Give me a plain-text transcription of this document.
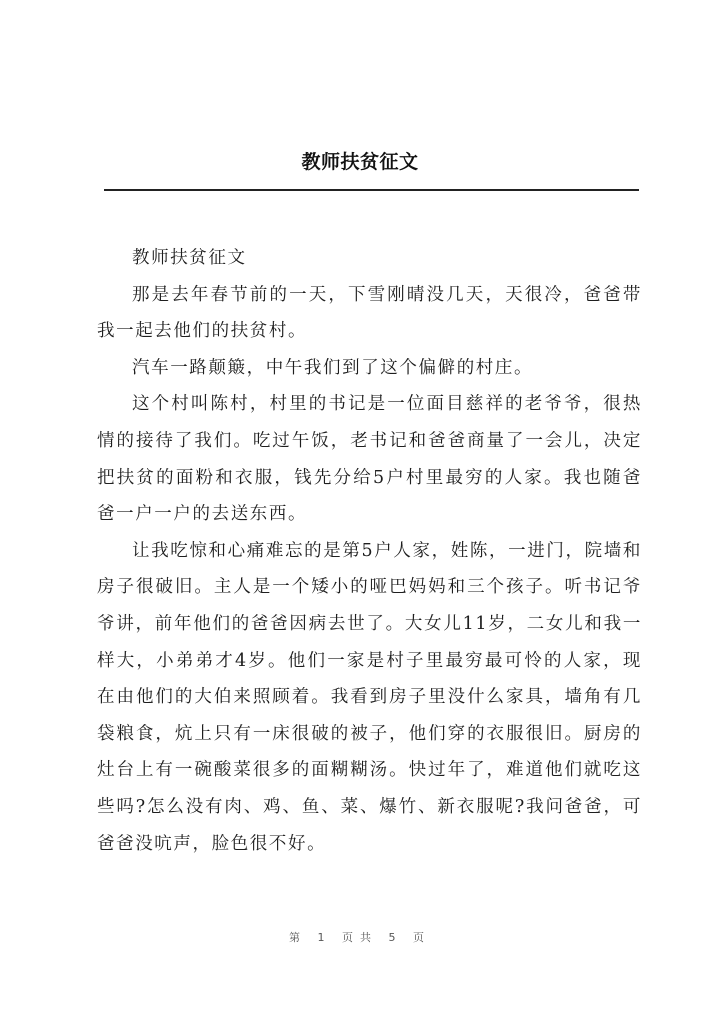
教师扶贫征文

教师扶贫征文

那是去年春节前的一天，下雪刚晴没几天，天很冷，爸爸带我一起去他们的扶贫村。

汽车一路颠簸，中午我们到了这个偏僻的村庄。

这个村叫陈村，村里的书记是一位面目慈祥的老爷爷，很热情的接待了我们。吃过午饭，老书记和爸爸商量了一会儿，决定把扶贫的面粉和衣服，钱先分给5户村里最穷的人家。我也随爸爸一户一户的去送东西。

让我吃惊和心痛难忘的是第5户人家，姓陈，一进门，院墙和房子很破旧。主人是一个矮小的哑巴妈妈和三个孩子。听书记爷爷讲，前年他们的爸爸因病去世了。大女儿11岁，二女儿和我一样大，小弟弟才4岁。他们一家是村子里最穷最可怜的人家，现在由他们的大伯来照顾着。我看到房子里没什么家具，墙角有几袋粮食，炕上只有一床很破的被子，他们穿的衣服很旧。厨房的灶台上有一碗酸菜很多的面糊糊汤。快过年了，难道他们就吃这些吗?怎么没有肉、鸡、鱼、菜、爆竹、新衣服呢?我问爸爸，可爸爸没吭声，脸色很不好。

第 1 页共 5 页
